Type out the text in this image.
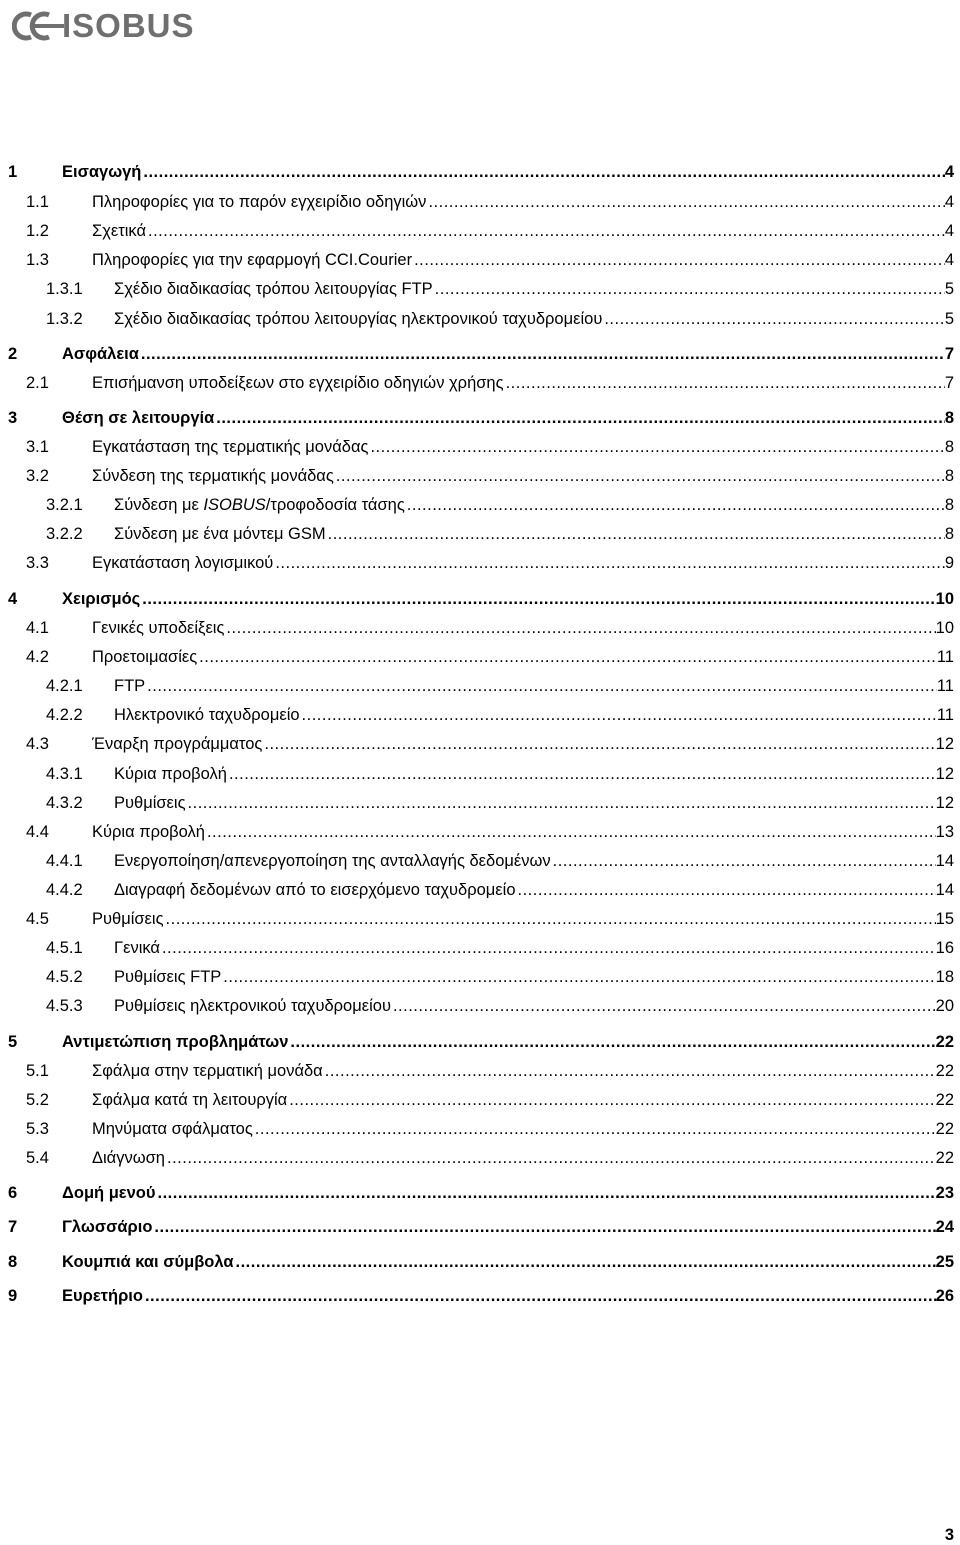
ISOBUS
1	Εισαγωγή .....	4
1.1	Πληροφορίες για το παρόν εγχειρίδιο οδηγιών .....	4
1.2	Σχετικά .....	4
1.3	Πληροφορίες για την εφαρμογή CCI.Courier .....	4
1.3.1 Σχέδιο διαδικασίας τρόπου λειτουργίας FTP .....	5
1.3.2 Σχέδιο διαδικασίας τρόπου λειτουργίας ηλεκτρονικού ταχυδρομείου .....	5
2	Ασφάλεια .....	7
2.1	Επισήμανση υποδείξεων στο εγχειρίδιο οδηγιών χρήσης .....	7
3	Θέση σε λειτουργία .....	8
3.1	Εγκατάσταση της τερματικής μονάδας .....	8
3.2	Σύνδεση της τερματικής μονάδας .....	8
3.2.1 Σύνδεση με ISOBUS/τροφοδοσία τάσης .....	8
3.2.2 Σύνδεση με ένα μόντεμ GSM .....	8
3.3	Εγκατάσταση λογισμικού .....	9
4	Χειρισμός .....	10
4.1	Γενικές υποδείξεις .....	10
4.2	Προετοιμασίες .....	11
4.2.1 FTP .....	11
4.2.2 Ηλεκτρονικό ταχυδρομείο .....	11
4.3	Έναρξη προγράμματος .....	12
4.3.1 Κύρια προβολή .....	12
4.3.2 Ρυθμίσεις .....	12
4.4	Κύρια προβολή .....	13
4.4.1 Ενεργοποίηση/απενεργοποίηση της ανταλλαγής δεδομένων .....	14
4.4.2 Διαγραφή δεδομένων από το εισερχόμενο ταχυδρομείο .....	14
4.5	Ρυθμίσεις .....	15
4.5.1 Γενικά .....	16
4.5.2 Ρυθμίσεις FTP .....	18
4.5.3 Ρυθμίσεις ηλεκτρονικού ταχυδρομείου .....	20
5	Αντιμετώπιση προβλημάτων .....	22
5.1	Σφάλμα στην τερματική μονάδα .....	22
5.2	Σφάλμα κατά τη λειτουργία .....	22
5.3	Μηνύματα σφάλματος .....	22
5.4	Διάγνωση .....	22
6	Δομή μενού .....	23
7	Γλωσσάριο .....	24
8	Κουμπιά και σύμβολα .....	25
9	Ευρετήριο .....	26
3
